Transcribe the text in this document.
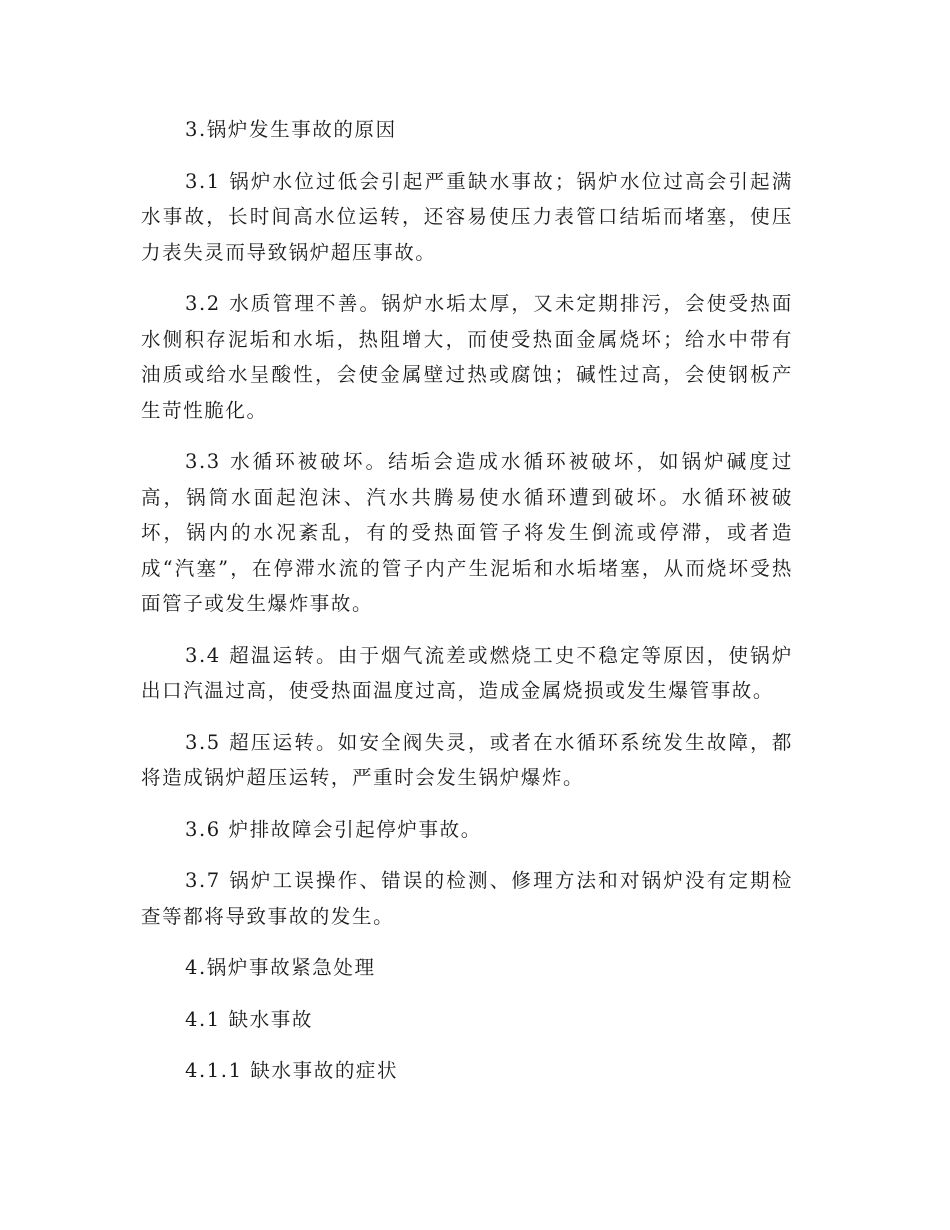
3.锅炉发生事故的原因

3.1 锅炉水位过低会引起严重缺水事故；锅炉水位过高会引起满水事故，长时间高水位运转，还容易使压力表管口结垢而堵塞，使压力表失灵而导致锅炉超压事故。

3.2 水质管理不善。锅炉水垢太厚，又未定期排污，会使受热面水侧积存泥垢和水垢，热阻增大，而使受热面金属烧坏；给水中带有油质或给水呈酸性，会使金属壁过热或腐蚀；碱性过高，会使钢板产生苛性脆化。

3.3 水循环被破坏。结垢会造成水循环被破坏，如锅炉碱度过高，锅筒水面起泡沫、汽水共腾易使水循环遭到破坏。水循环被破坏，锅内的水况紊乱，有的受热面管子将发生倒流或停滞，或者造成“汽塞”，在停滞水流的管子内产生泥垢和水垢堵塞，从而烧坏受热面管子或发生爆炸事故。

3.4 超温运转。由于烟气流差或燃烧工史不稳定等原因，使锅炉出口汽温过高，使受热面温度过高，造成金属烧损或发生爆管事故。

3.5 超压运转。如安全阀失灵，或者在水循环系统发生故障，都将造成锅炉超压运转，严重时会发生锅炉爆炸。

3.6 炉排故障会引起停炉事故。

3.7 锅炉工误操作、错误的检测、修理方法和对锅炉没有定期检查等都将导致事故的发生。

4.锅炉事故紧急处理

4.1 缺水事故

4.1.1 缺水事故的症状
